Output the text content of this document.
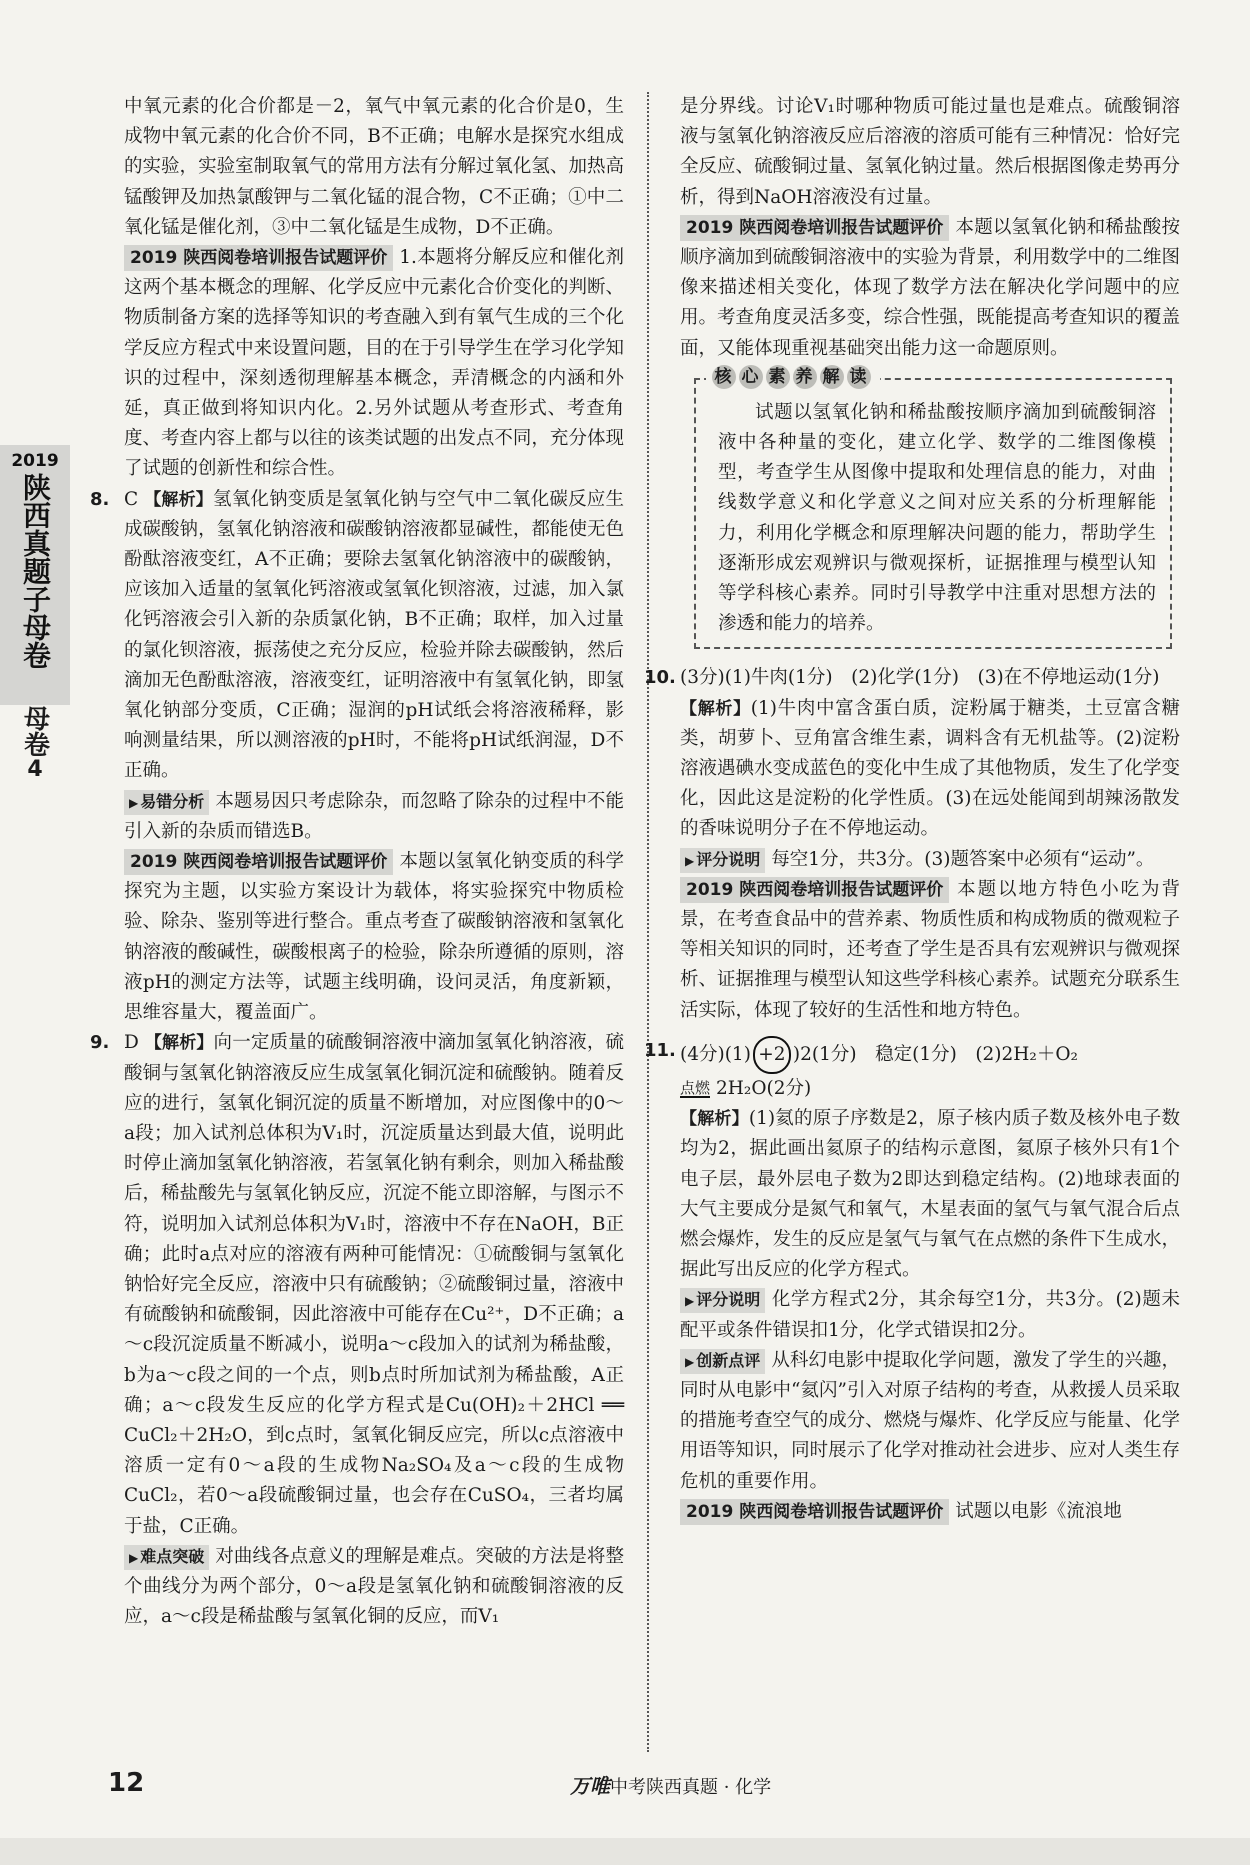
2019
陕西真题子母卷
母卷
4

中氧元素的化合价都是－2，氧气中氧元素的化合价是0，生成物中氧元素的化合价不同，B不正确；电解水是探究水组成的实验，实验室制取氧气的常用方法有分解过氧化氢、加热高锰酸钾及加热氯酸钾与二氧化锰的混合物，C不正确；①中二氧化锰是催化剂，③中二氧化锰是生成物，D不正确。

2019 陕西阅卷培训报告试题评价 1.本题将分解反应和催化剂这两个基本概念的理解、化学反应中元素化合价变化的判断、物质制备方案的选择等知识的考查融入到有氧气生成的三个化学反应方程式中来设置问题，目的在于引导学生在学习化学知识的过程中，深刻透彻理解基本概念，弄清概念的内涵和外延，真正做到将知识内化。2.另外试题从考查形式、考查角度、考查内容上都与以往的该类试题的出发点不同，充分体现了试题的创新性和综合性。

8. C 【解析】氢氧化钠变质是氢氧化钠与空气中二氧化碳反应生成碳酸钠，氢氧化钠溶液和碳酸钠溶液都显碱性，都能使无色酚酞溶液变红，A不正确；要除去氢氧化钠溶液中的碳酸钠，应该加入适量的氢氧化钙溶液或氢氧化钡溶液，过滤，加入氯化钙溶液会引入新的杂质氯化钠，B不正确；取样，加入过量的氯化钡溶液，振荡使之充分反应，检验并除去碳酸钠，然后滴加无色酚酞溶液，溶液变红，证明溶液中有氢氧化钠，即氢氧化钠部分变质，C正确；湿润的pH试纸会将溶液稀释，影响测量结果，所以测溶液的pH时，不能将pH试纸润湿，D不正确。

▶ 易错分析 本题易因只考虑除杂，而忽略了除杂的过程中不能引入新的杂质而错选B。

2019 陕西阅卷培训报告试题评价 本题以氢氧化钠变质的科学探究为主题，以实验方案设计为载体，将实验探究中物质检验、除杂、鉴别等进行整合。重点考查了碳酸钠溶液和氢氧化钠溶液的酸碱性，碳酸根离子的检验，除杂所遵循的原则，溶液pH的测定方法等，试题主线明确，设问灵活，角度新颖，思维容量大，覆盖面广。

9. D 【解析】向一定质量的硫酸铜溶液中滴加氢氧化钠溶液，硫酸铜与氢氧化钠溶液反应生成氢氧化铜沉淀和硫酸钠。随着反应的进行，氢氧化铜沉淀的质量不断增加，对应图像中的0～a段；加入试剂总体积为V₁时，沉淀质量达到最大值，说明此时停止滴加氢氧化钠溶液，若氢氧化钠有剩余，则加入稀盐酸后，稀盐酸先与氢氧化钠反应，沉淀不能立即溶解，与图示不符，说明加入试剂总体积为V₁时，溶液中不存在NaOH，B正确；此时a点对应的溶液有两种可能情况：①硫酸铜与氢氧化钠恰好完全反应，溶液中只有硫酸钠；②硫酸铜过量，溶液中有硫酸钠和硫酸铜，因此溶液中可能存在Cu²⁺，D不正确；a～c段沉淀质量不断减小，说明a～c段加入的试剂为稀盐酸，b为a～c段之间的一个点，则b点时所加试剂为稀盐酸，A正确；a～c段发生反应的化学方程式是Cu(OH)₂＋2HCl ══ CuCl₂＋2H₂O，到c点时，氢氧化铜反应完，所以c点溶液中溶质一定有0～a段的生成物Na₂SO₄及a～c段的生成物CuCl₂，若0～a段硫酸铜过量，也会存在CuSO₄，三者均属于盐，C正确。

▶ 难点突破 对曲线各点意义的理解是难点。突破的方法是将整个曲线分为两个部分，0～a段是氢氧化钠和硫酸铜溶液的反应，a～c段是稀盐酸与氢氧化铜的反应，而V₁

是分界线。讨论V₁时哪种物质可能过量也是难点。硫酸铜溶液与氢氧化钠溶液反应后溶液的溶质可能有三种情况：恰好完全反应、硫酸铜过量、氢氧化钠过量。然后根据图像走势再分析，得到NaOH溶液没有过量。

2019 陕西阅卷培训报告试题评价 本题以氢氧化钠和稀盐酸按顺序滴加到硫酸铜溶液中的实验为背景，利用数学中的二维图像来描述相关变化，体现了数学方法在解决化学问题中的应用。考查角度灵活多变，综合性强，既能提高考查知识的覆盖面，又能体现重视基础突出能力这一命题原则。

核 心 素 养 解 读

试题以氢氧化钠和稀盐酸按顺序滴加到硫酸铜溶液中各种量的变化，建立化学、数学的二维图像模型，考查学生从图像中提取和处理信息的能力，对曲线数学意义和化学意义之间对应关系的分析理解能力，利用化学概念和原理解决问题的能力，帮助学生逐渐形成宏观辨识与微观探析，证据推理与模型认知等学科核心素养。同时引导教学中注重对思想方法的渗透和能力的培养。

10. (3分)(1)牛肉(1分)　(2)化学(1分)　(3)在不停地运动(1分)

【解析】(1)牛肉中富含蛋白质，淀粉属于糖类，土豆富含糖类，胡萝卜、豆角富含维生素，调料含有无机盐等。(2)淀粉溶液遇碘水变成蓝色的变化中生成了其他物质，发生了化学变化，因此这是淀粉的化学性质。(3)在远处能闻到胡辣汤散发的香味说明分子在不停地运动。

▶ 评分说明 每空1分，共3分。(3)题答案中必须有“运动”。

2019 陕西阅卷培训报告试题评价 本题以地方特色小吃为背景，在考查食品中的营养素、物质性质和构成物质的微观粒子等相关知识的同时，还考查了学生是否具有宏观辨识与微观探析、证据推理与模型认知这些学科核心素养。试题充分联系生活实际，体现了较好的生活性和地方特色。

11. (4分)(1) +2 )2(1分)　稳定(1分)　(2)2H₂＋O₂

点燃 2H₂O(2分)

【解析】(1)氦的原子序数是2，原子核内质子数及核外电子数均为2，据此画出氦原子的结构示意图，氦原子核外只有1个电子层，最外层电子数为2即达到稳定结构。(2)地球表面的大气主要成分是氮气和氧气，木星表面的氢气与氧气混合后点燃会爆炸，发生的反应是氢气与氧气在点燃的条件下生成水，据此写出反应的化学方程式。

▶ 评分说明 化学方程式2分，其余每空1分，共3分。(2)题未配平或条件错误扣1分，化学式错误扣2分。

▶ 创新点评 从科幻电影中提取化学问题，激发了学生的兴趣，同时从电影中“氦闪”引入对原子结构的考查，从救援人员采取的措施考查空气的成分、燃烧与爆炸、化学反应与能量、化学用语等知识，同时展示了化学对推动社会进步、应对人类生存危机的重要作用。

2019 陕西阅卷培训报告试题评价 试题以电影《流浪地

12	万唯中考陕西真题 · 化学
